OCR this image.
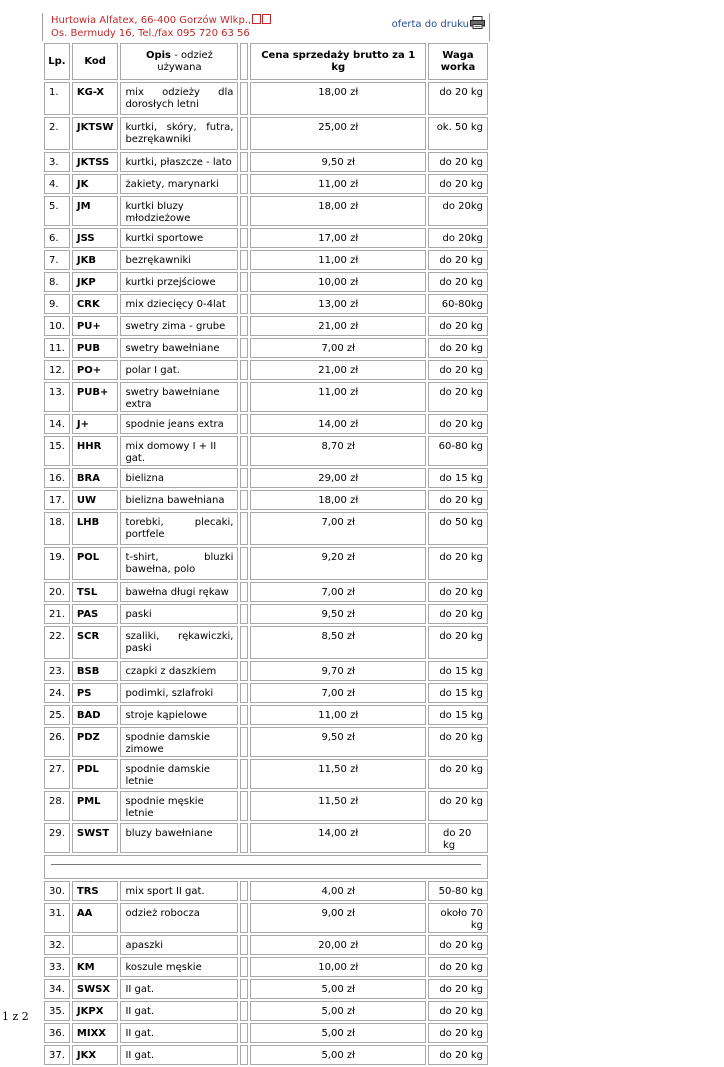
Hurtowia Alfatex, 66-400 Gorzów Wlkp.,
Os. Bermudy 16, Tel./fax 095 720 63 56
oferta do druku
Lp.	Kod	Opis - odzież używana		Cena sprzedaży brutto za 1 kg	Waga worka
1.	KG-X	mix odzieży dla dorosłych letni		18,00 zł	do 20 kg
2.	JKTSW	kurtki, skóry, futra, bezrękawniki		25,00 zł	ok. 50 kg
3.	JKTSS	kurtki, płaszcze - lato		9,50 zł	do 20 kg
4.	JK	żakiety, marynarki		11,00 zł	do 20 kg
5.	JM	kurtki bluzy młodzieżowe		18,00 zł	do 20kg
6.	JSS	kurtki sportowe		17,00 zł	do 20kg
7.	JKB	bezrękawniki		11,00 zł	do 20 kg
8.	JKP	kurtki przejściowe		10,00 zł	do 20 kg
9.	CRK	mix dziecięcy 0-4lat		13,00 zł	60-80kg
10.	PU+	swetry zima - grube		21,00 zł	do 20 kg
11.	PUB	swetry bawełniane		7,00 zł	do 20 kg
12.	PO+	polar I gat.		21,00 zł	do 20 kg
13.	PUB+	swetry bawełniane extra		11,00 zł	do 20 kg
14.	J+	spodnie jeans extra		14,00 zł	do 20 kg
15.	HHR	mix domowy I + II gat.		8,70 zł	60-80 kg
16.	BRA	bielizna		29,00 zł	do 15 kg
17.	UW	bielizna bawełniana		18,00 zł	do 20 kg
18.	LHB	torebki, plecaki, portfele		7,00 zł	do 50 kg
19.	POL	t-shirt, bluzki bawełna, polo		9,20 zł	do 20 kg
20.	TSL	bawełna długi rękaw		7,00 zł	do 20 kg
21.	PAS	paski		9,50 zł	do 20 kg
22.	SCR	szaliki, rękawiczki, paski		8,50 zł	do 20 kg
23.	BSB	czapki z daszkiem		9,70 zł	do 15 kg
24.	PS	podimki, szlafroki		7,00 zł	do 15 kg
25.	BAD	stroje kąpielowe		11,00 zł	do 15 kg
26.	PDZ	spodnie damskie zimowe		9,50 zł	do 20 kg
27.	PDL	spodnie damskie letnie		11,50 zł	do 20 kg
28.	PML	spodnie męskie letnie		11,50 zł	do 20 kg
29.	SWST	bluzy bawełniane		14,00 zł	do 20 kg

30.	TRS	mix sport II gat.		4,00 zł	50-80 kg
31.	AA	odzież robocza		9,00 zł	około 70 kg
32.		apaszki		20,00 zł	do 20 kg
33.	KM	koszule męskie		10,00 zł	do 20 kg
34.	SWSX	II gat.		5,00 zł	do 20 kg
35.	JKPX	II gat.		5,00 zł	do 20 kg
36.	MIXX	II gat.		5,00 zł	do 20 kg
37.	JKX	II gat.		5,00 zł	do 20 kg
1 z 2
